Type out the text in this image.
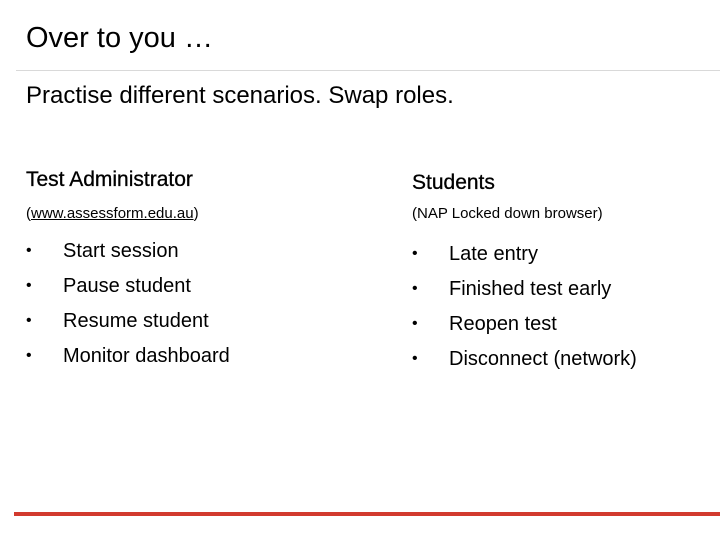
Over to you …
Practise different scenarios. Swap roles.
Test Administrator
(www.assessform.edu.au)
• Start session
• Pause student
• Resume student
• Monitor dashboard
Students
(NAP Locked down browser)
• Late entry
• Finished test early
• Reopen test
• Disconnect (network)
